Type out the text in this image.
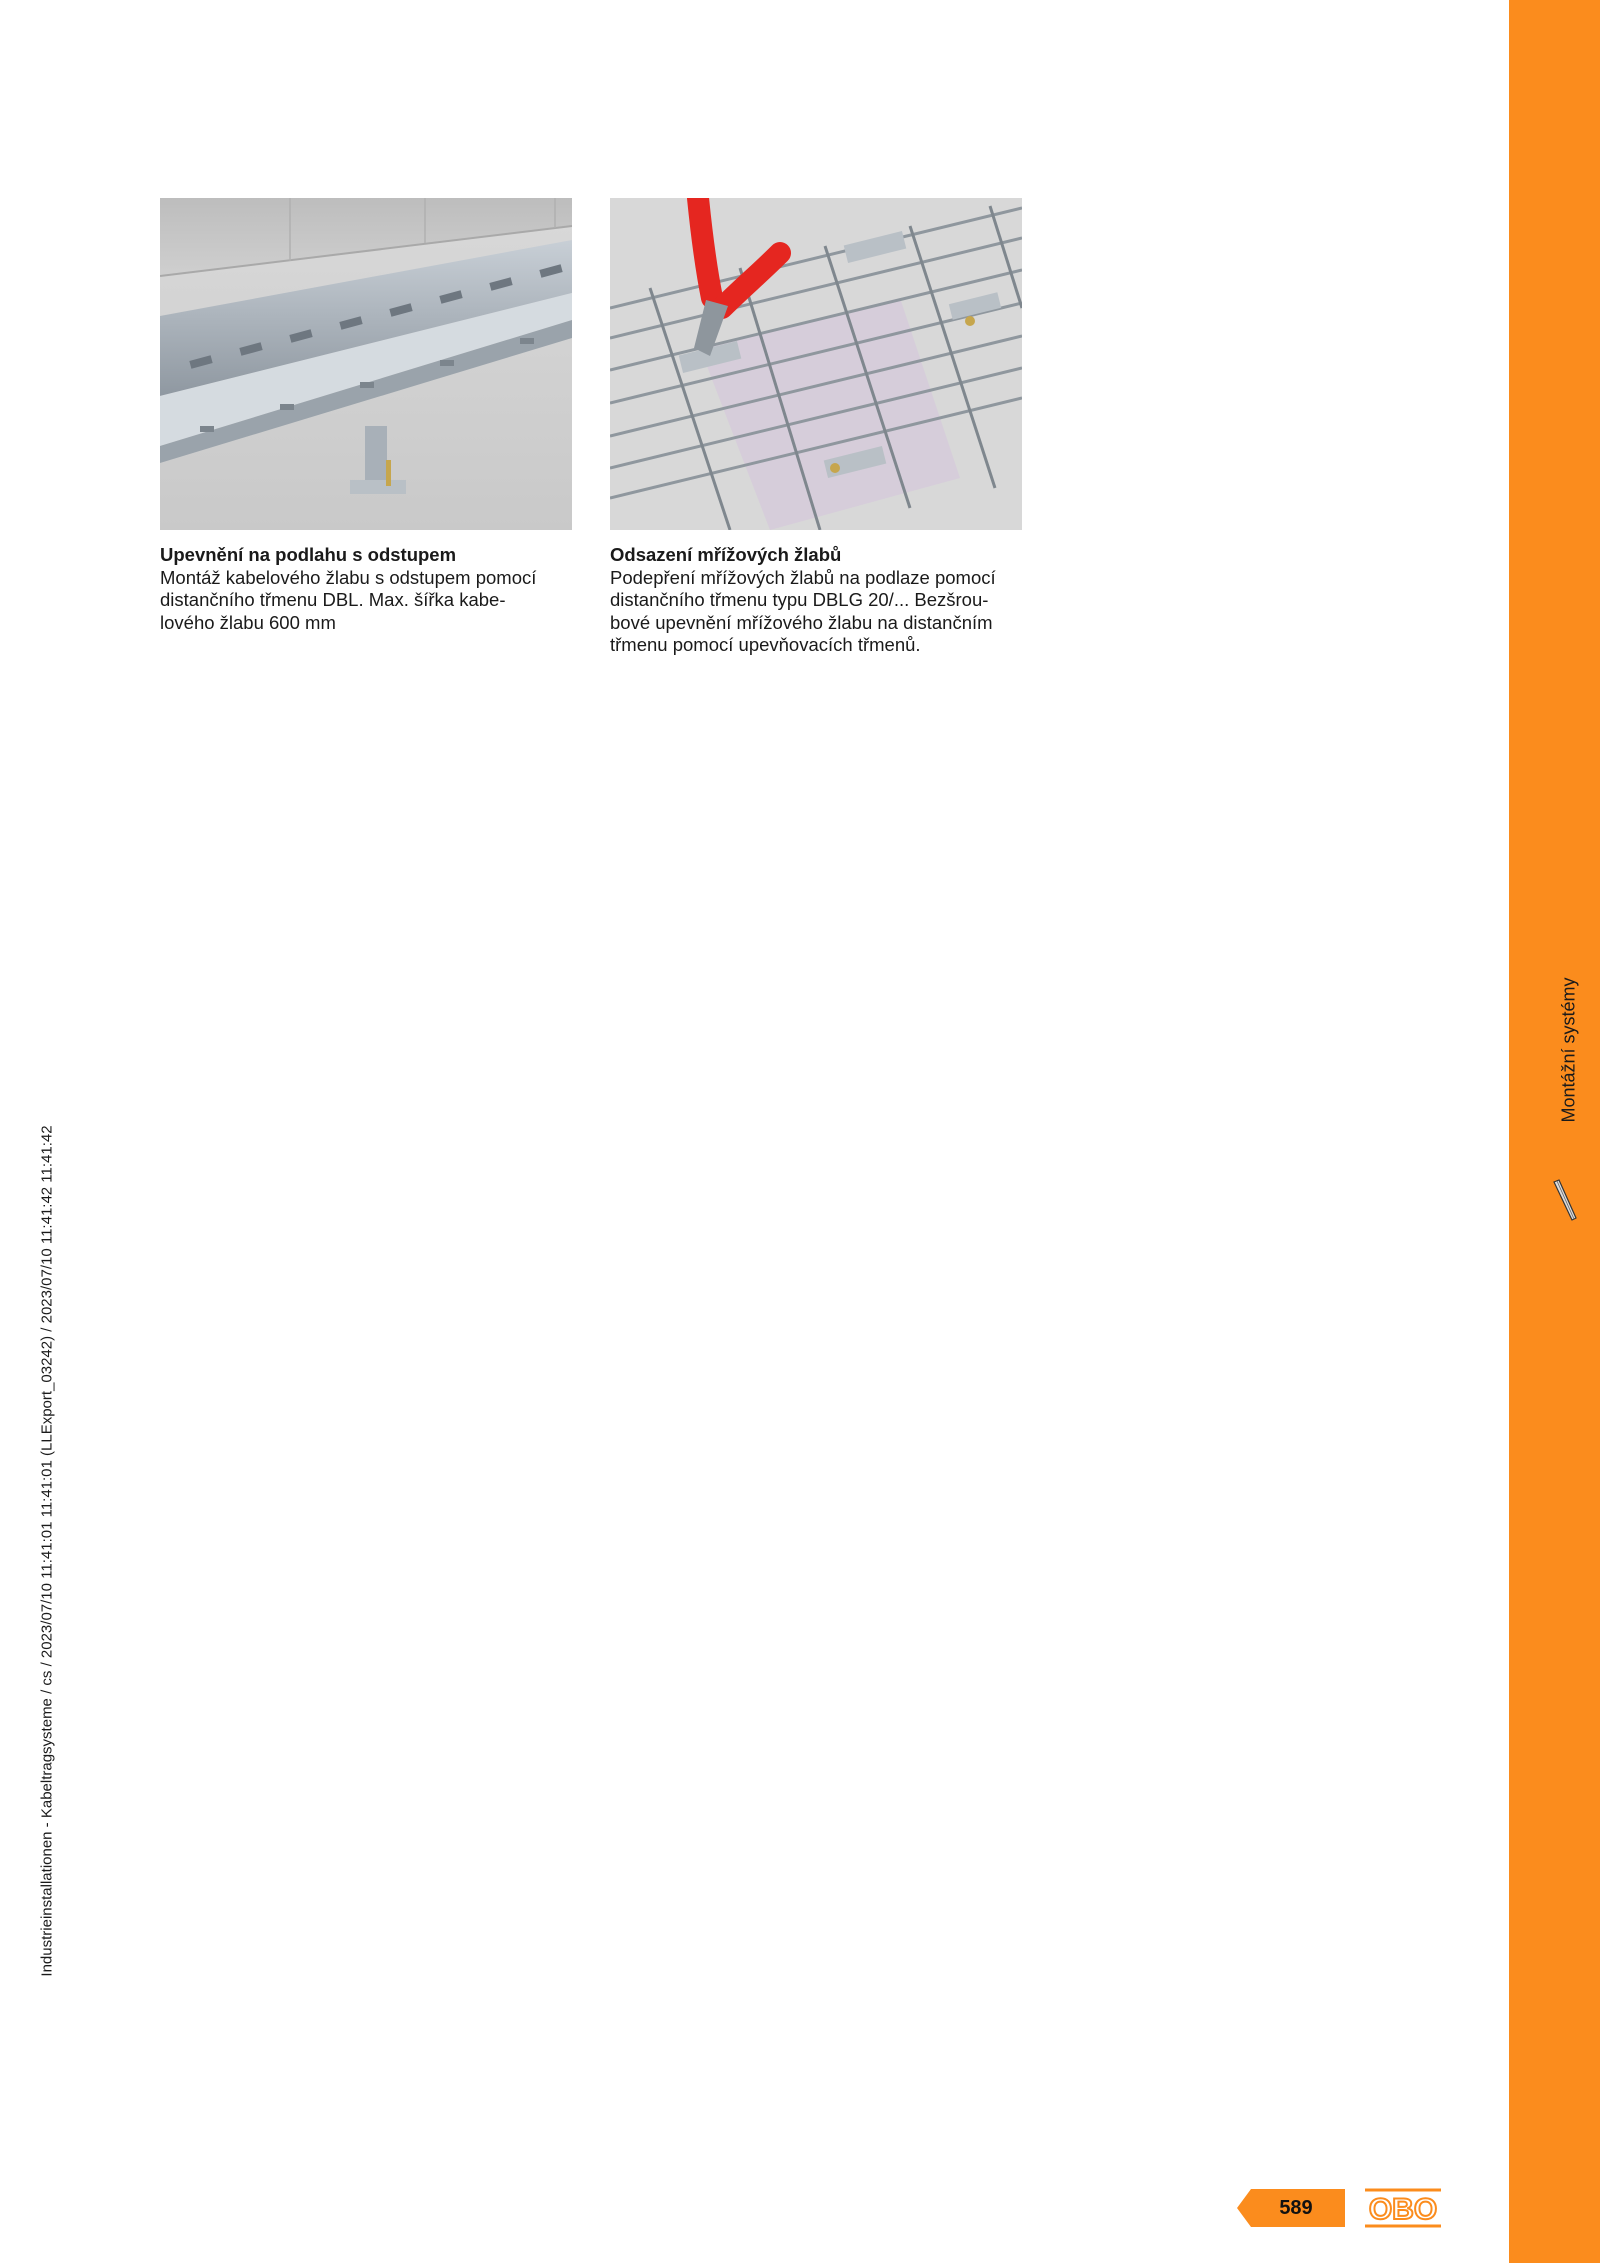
Montážní systémy
Industrieinstallationen - Kabeltragsysteme / cs / 2023/07/10 11:41:01 11:41:01 (LLExport_03242) / 2023/07/10 11:41:42 11:41:42
Upevnění na podlahu s odstupem
Montáž kabelového žlabu s odstupem pomocí
distančního třmenu DBL. Max. šířka kabe-
lového žlabu 600 mm
Odsazení mřížových žlabů
Podepření mřížových žlabů na podlaze pomocí
distančního třmenu typu DBLG 20/... Bezšrou-
bové upevnění mřížového žlabu na distančním
třmenu pomocí upevňovacích třmenů.
589	OBO
